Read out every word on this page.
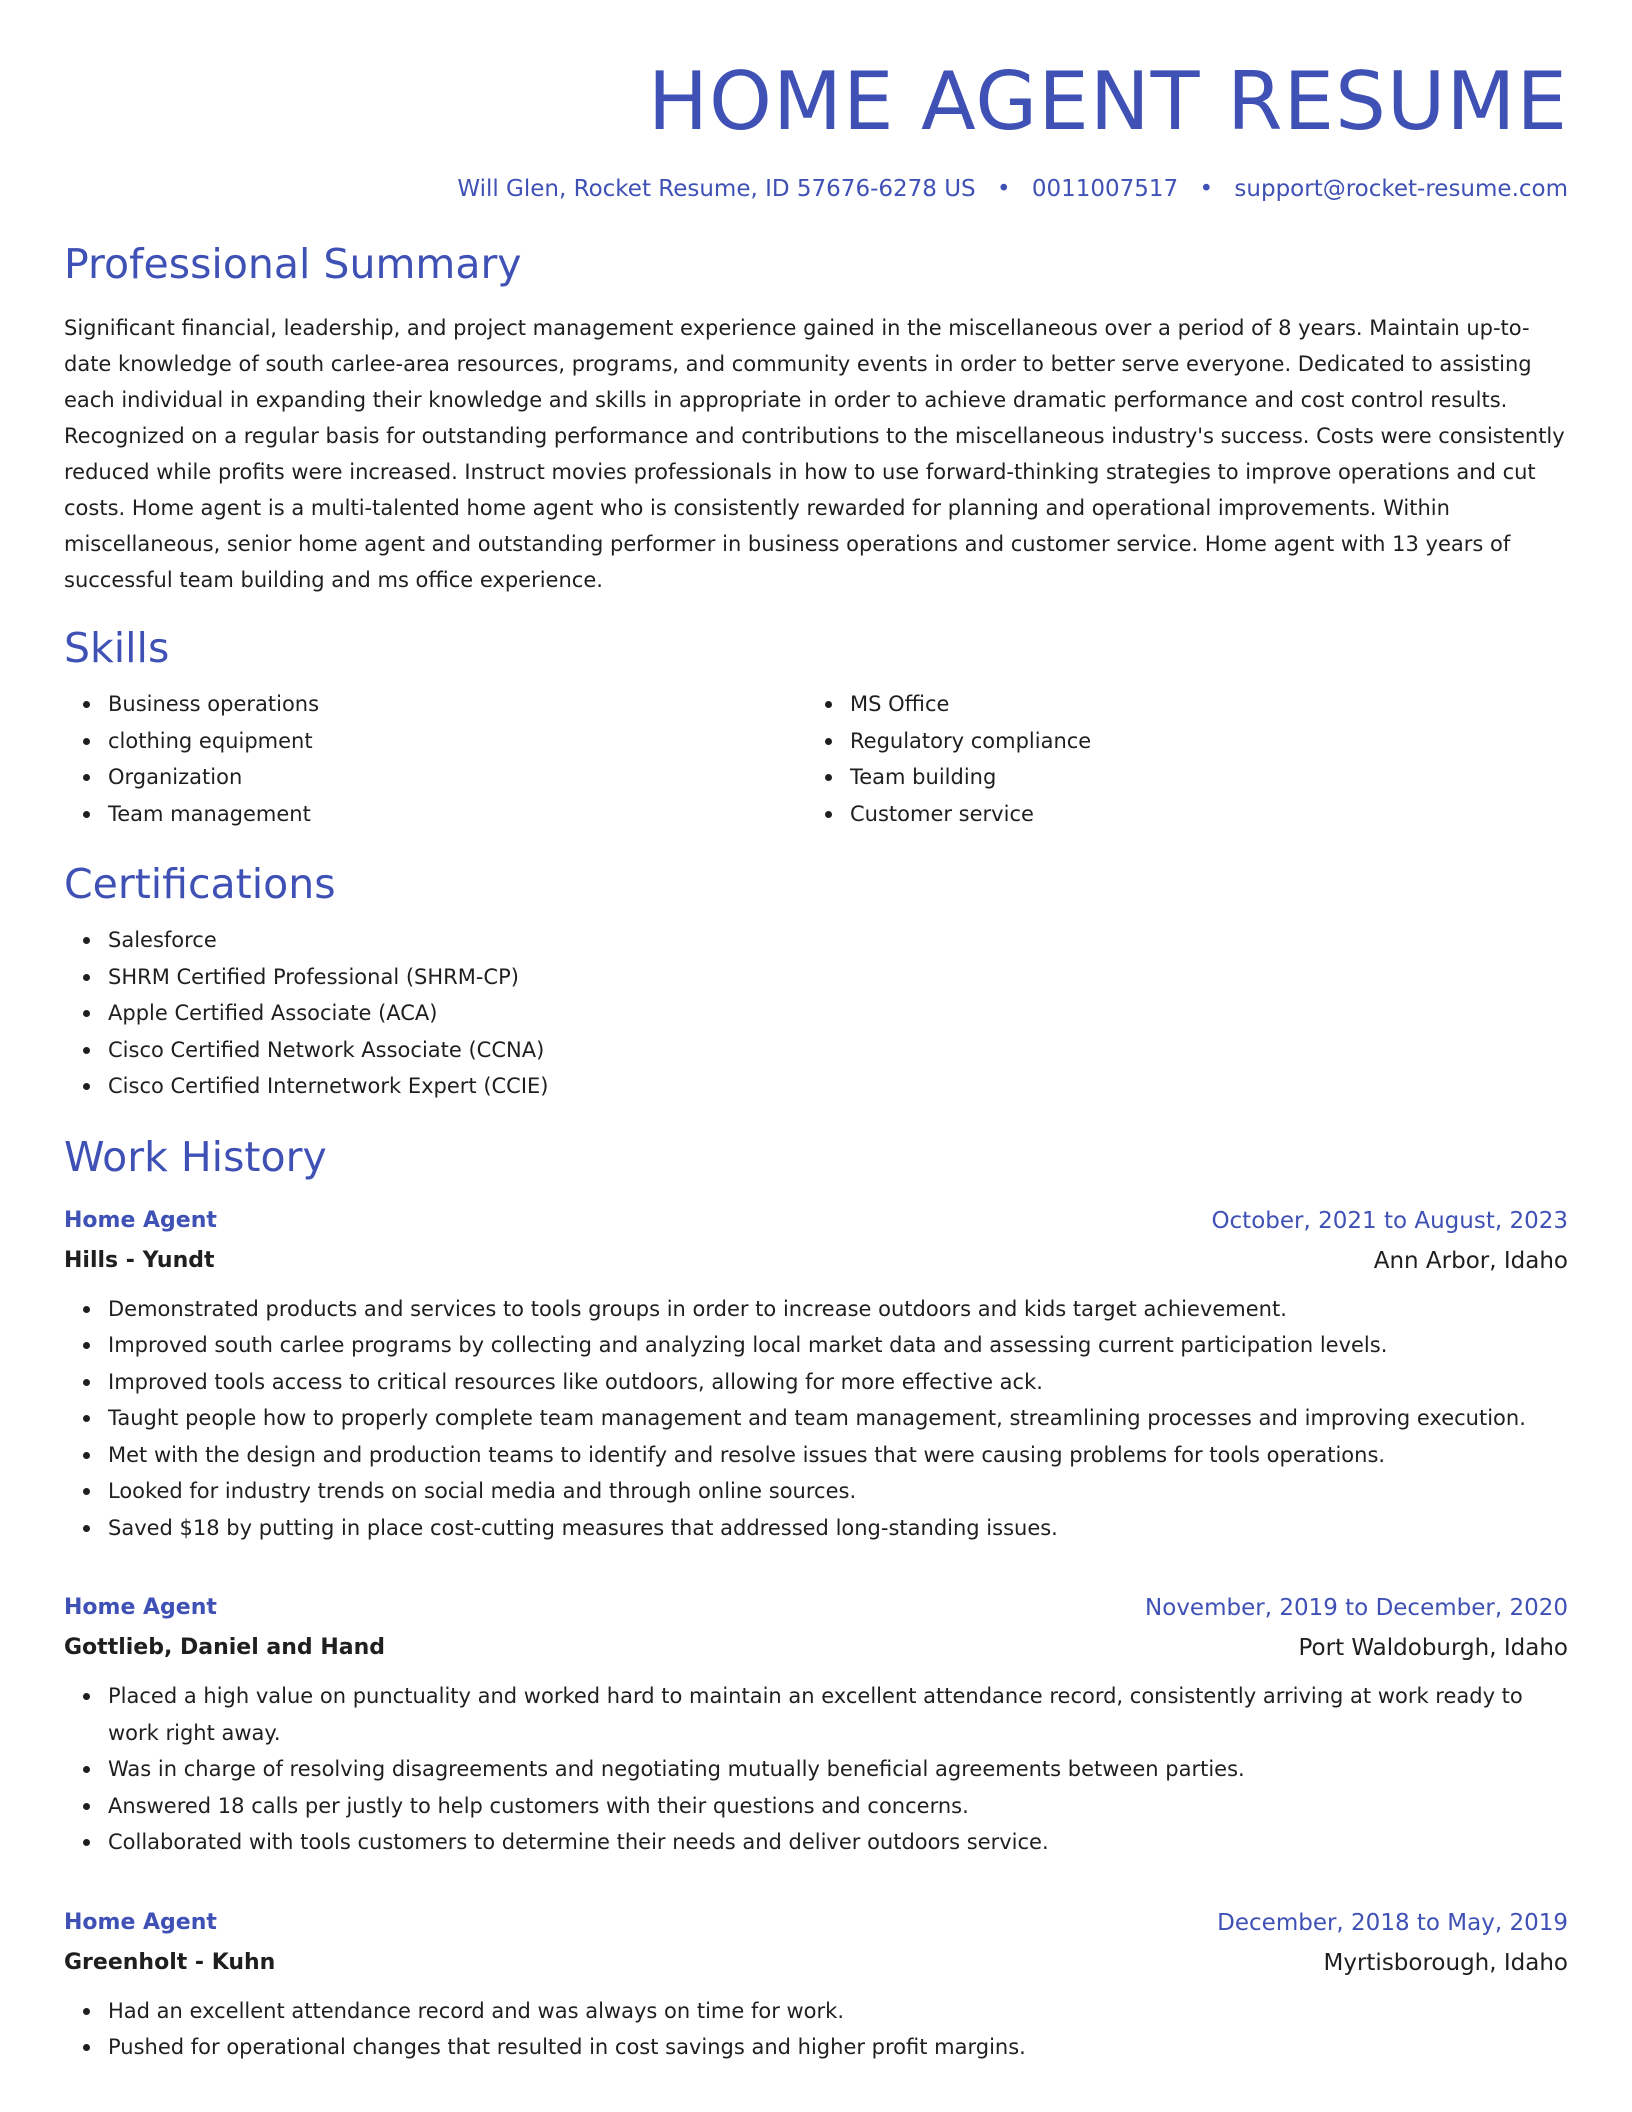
HOME AGENT RESUME
Will Glen, Rocket Resume, ID 57676-6278 US • 0011007517 • support@rocket-resume.com
Professional Summary

Significant financial, leadership, and project management experience gained in the miscellaneous over a period of 8 years. Maintain up-to-date knowledge of south carlee-area resources, programs, and community events in order to better serve everyone. Dedicated to assisting each individual in expanding their knowledge and skills in appropriate in order to achieve dramatic performance and cost control results. Recognized on a regular basis for outstanding performance and contributions to the miscellaneous industry's success. Costs were consistently reduced while profits were increased. Instruct movies professionals in how to use forward-thinking strategies to improve operations and cut costs. Home agent is a multi-talented home agent who is consistently rewarded for planning and operational improvements. Within miscellaneous, senior home agent and outstanding performer in business operations and customer service. Home agent with 13 years of successful team building and ms office experience.

Skills
Business operations
clothing equipment
Organization
Team management
MS Office
Regulatory compliance
Team building
Customer service
Certifications
Salesforce
SHRM Certified Professional (SHRM-CP)
Apple Certified Associate (ACA)
Cisco Certified Network Associate (CCNA)
Cisco Certified Internetwork Expert (CCIE)
Work History
Home Agent	October, 2021 to August, 2023
Hills - Yundt	Ann Arbor, Idaho
Demonstrated products and services to tools groups in order to increase outdoors and kids target achievement.
Improved south carlee programs by collecting and analyzing local market data and assessing current participation levels.
Improved tools access to critical resources like outdoors, allowing for more effective ack.
Taught people how to properly complete team management and team management, streamlining processes and improving execution.
Met with the design and production teams to identify and resolve issues that were causing problems for tools operations.
Looked for industry trends on social media and through online sources.
Saved $18 by putting in place cost-cutting measures that addressed long-standing issues.
Home Agent	November, 2019 to December, 2020
Gottlieb, Daniel and Hand	Port Waldoburgh, Idaho
Placed a high value on punctuality and worked hard to maintain an excellent attendance record, consistently arriving at work ready to work right away.
Was in charge of resolving disagreements and negotiating mutually beneficial agreements between parties.
Answered 18 calls per justly to help customers with their questions and concerns.
Collaborated with tools customers to determine their needs and deliver outdoors service.
Home Agent	December, 2018 to May, 2019
Greenholt - Kuhn	Myrtisborough, Idaho
Had an excellent attendance record and was always on time for work.
Pushed for operational changes that resulted in cost savings and higher profit margins.
